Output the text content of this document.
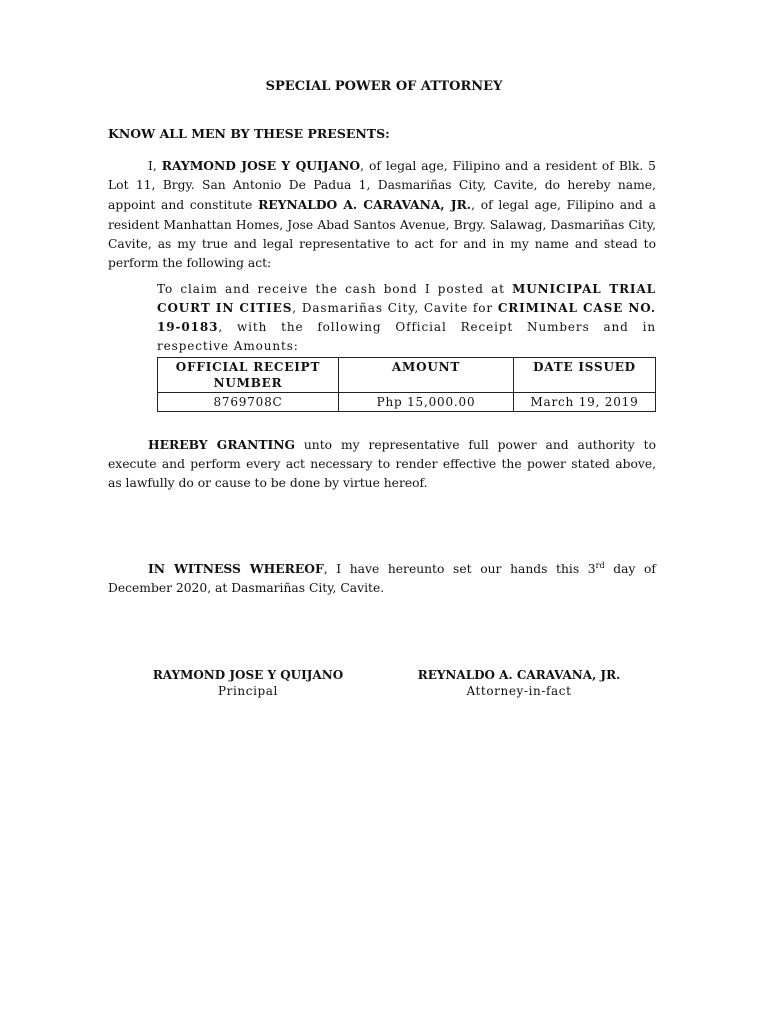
SPECIAL POWER OF ATTORNEY
KNOW ALL MEN BY THESE PRESENTS:
I, RAYMOND JOSE Y QUIJANO, of legal age, Filipino and a resident of Blk. 5 Lot 11, Brgy. San Antonio De Padua 1, Dasmariñas City, Cavite, do hereby name, appoint and constitute REYNALDO A. CARAVANA, JR., of legal age, Filipino and a resident Manhattan Homes, Jose Abad Santos Avenue, Brgy. Salawag, Dasmariñas City, Cavite, as my true and legal representative to act for and in my name and stead to perform the following act:
To claim and receive the cash bond I posted at MUNICIPAL TRIAL COURT IN CITIES, Dasmariñas City, Cavite for CRIMINAL CASE NO. 19-0183, with the following Official Receipt Numbers and in respective Amounts:
OFFICIAL RECEIPT NUMBER	AMOUNT	DATE ISSUED
8769708C	Php 15,000.00	March 19, 2019
HEREBY GRANTING unto my representative full power and authority to execute and perform every act necessary to render effective the power stated above, as lawfully do or cause to be done by virtue hereof.
IN WITNESS WHEREOF, I have hereunto set our hands this 3rd day of December 2020, at Dasmariñas City, Cavite.
RAYMOND JOSE Y QUIJANO
Principal
REYNALDO A. CARAVANA, JR.
Attorney-in-fact
